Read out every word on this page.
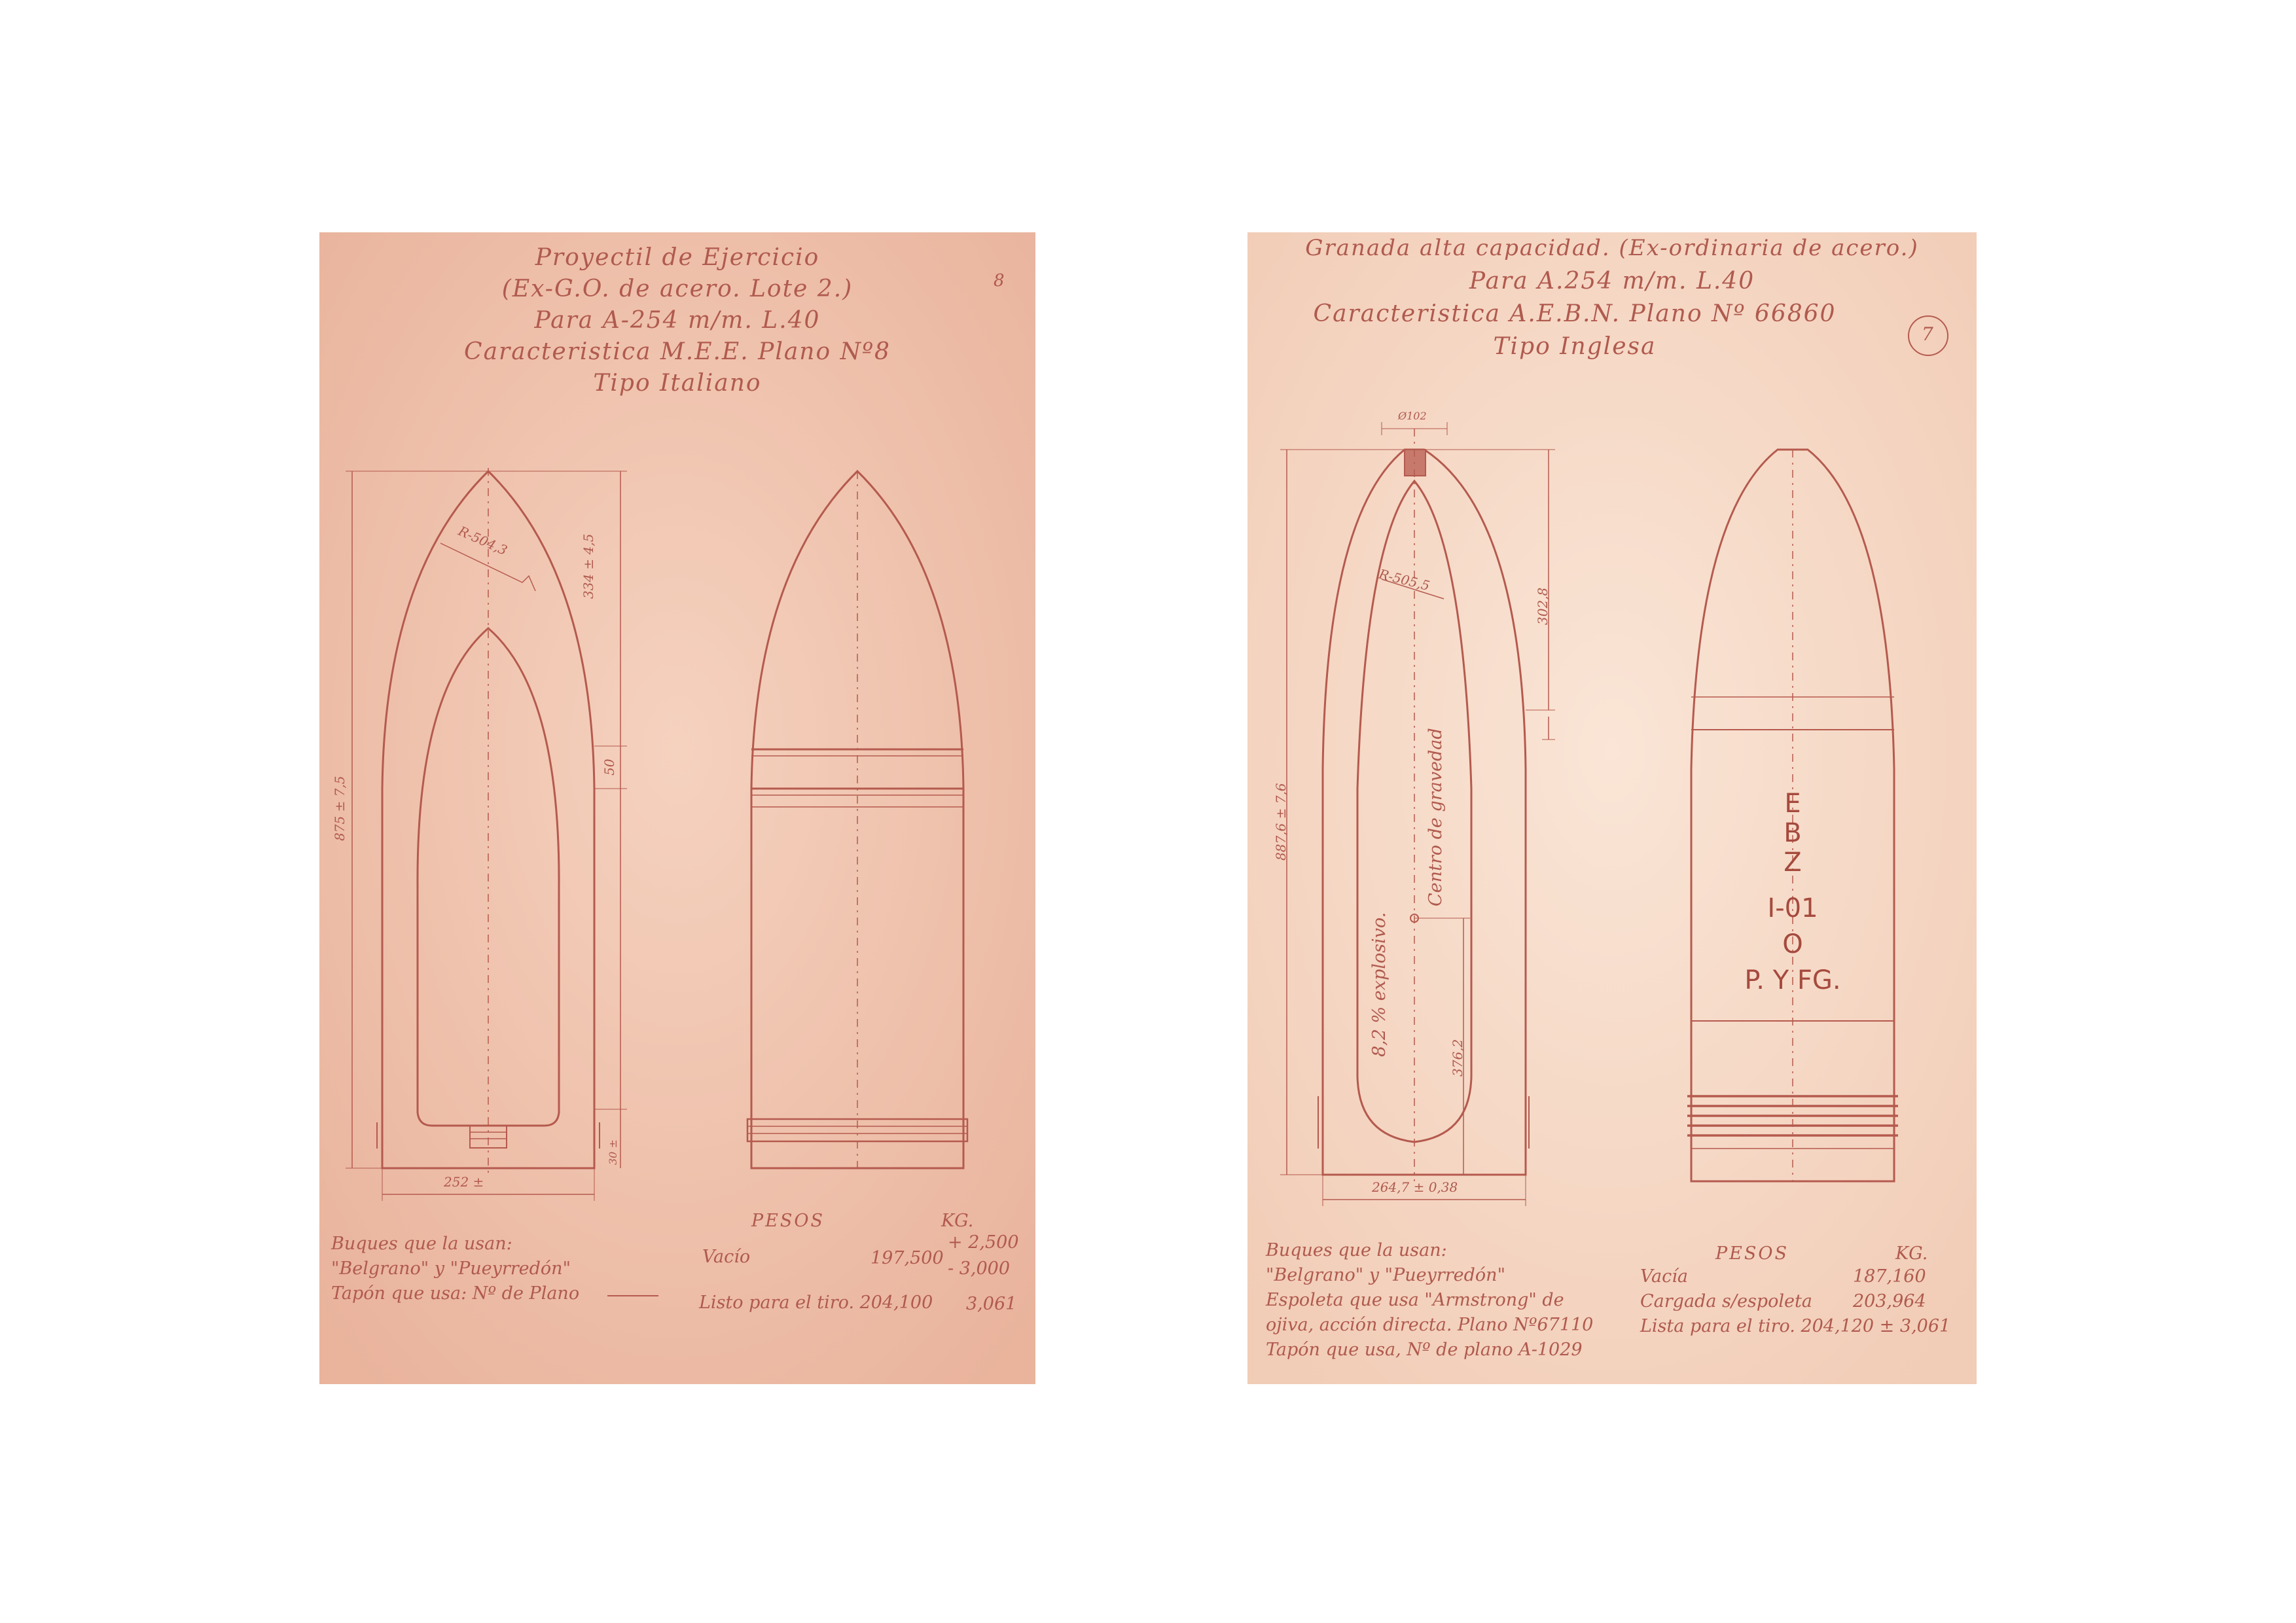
Proyectil de Ejercicio
(Ex-G.O. de acero. Lote 2.)
Para A-254 m/m. L.40
Caracteristica M.E.E. Plano Nº8
Tipo Italiano
8
R-504,3	334 ± 4,5
50
875 ± 7,5
252 ±
30 ±
PESOS	KG.
Buques que la usan:
"Belgrano" y "Pueyrredón"
Tapón que usa: Nº de Plano
Vacío	197,500
+ 2,500
- 3,000
Listo para el tiro. 204,100 3,061
Granada alta capacidad. (Ex-ordinaria de acero.)
Para A.254 m/m. L.40
Caracteristica A.E.B.N. Plano Nº 66860
Tipo Inglesa	7
Ø102
R-505,5
302,8
887,6 ± 7,6
376,2
264,7 ± 0,38
Centro de gravedad
8,2 % explosivo.
E
B
Z
I-01
O
P. Y FG.
PESOS	KG.
Buques que la usan:
"Belgrano" y "Pueyrredón"
Espoleta que usa "Armstrong" de
ojiva, acción directa. Plano Nº67110
Tapón que usa, Nº de plano A-1029
Vacía	187,160
Cargada s/espoleta 203,964
Lista para el tiro. 204,120 ± 3,061
